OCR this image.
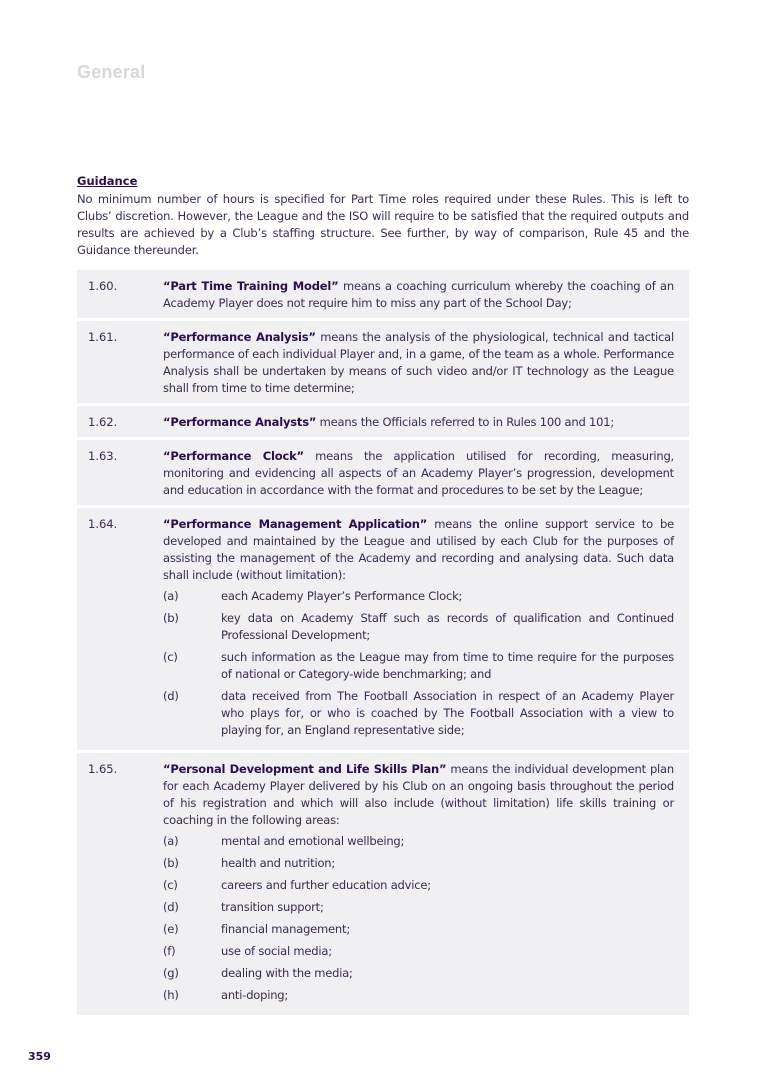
General
Guidance
No minimum number of hours is specified for Part Time roles required under these Rules. This is left to Clubs’ discretion. However, the League and the ISO will require to be satisfied that the required outputs and results are achieved by a Club’s staffing structure. See further, by way of comparison, Rule 45 and the Guidance thereunder.
1.60.	“Part Time Training Model” means a coaching curriculum whereby the coaching of an Academy Player does not require him to miss any part of the School Day;
1.61.	“Performance Analysis” means the analysis of the physiological, technical and tactical performance of each individual Player and, in a game, of the team as a whole. Performance Analysis shall be undertaken by means of such video and/or IT technology as the League shall from time to time determine;
1.62.	“Performance Analysts” means the Officials referred to in Rules 100 and 101;
1.63.	“Performance Clock” means the application utilised for recording, measuring, monitoring and evidencing all aspects of an Academy Player’s progression, development and education in accordance with the format and procedures to be set by the League;
1.64.	“Performance Management Application” means the online support service to be developed and maintained by the League and utilised by each Club for the purposes of assisting the management of the Academy and recording and analysing data. Such data shall include (without limitation):
(a)	each Academy Player’s Performance Clock;
(b)	key data on Academy Staff such as records of qualification and Continued Professional Development;
(c)	such information as the League may from time to time require for the purposes of national or Category-wide benchmarking; and
(d)	data received from The Football Association in respect of an Academy Player who plays for, or who is coached by The Football Association with a view to playing for, an England representative side;
1.65.	“Personal Development and Life Skills Plan” means the individual development plan for each Academy Player delivered by his Club on an ongoing basis throughout the period of his registration and which will also include (without limitation) life skills training or coaching in the following areas:
(a)	mental and emotional wellbeing;
(b)	health and nutrition;
(c)	careers and further education advice;
(d)	transition support;
(e)	financial management;
(f)	use of social media;
(g)	dealing with the media;
(h)	anti-doping;
359
